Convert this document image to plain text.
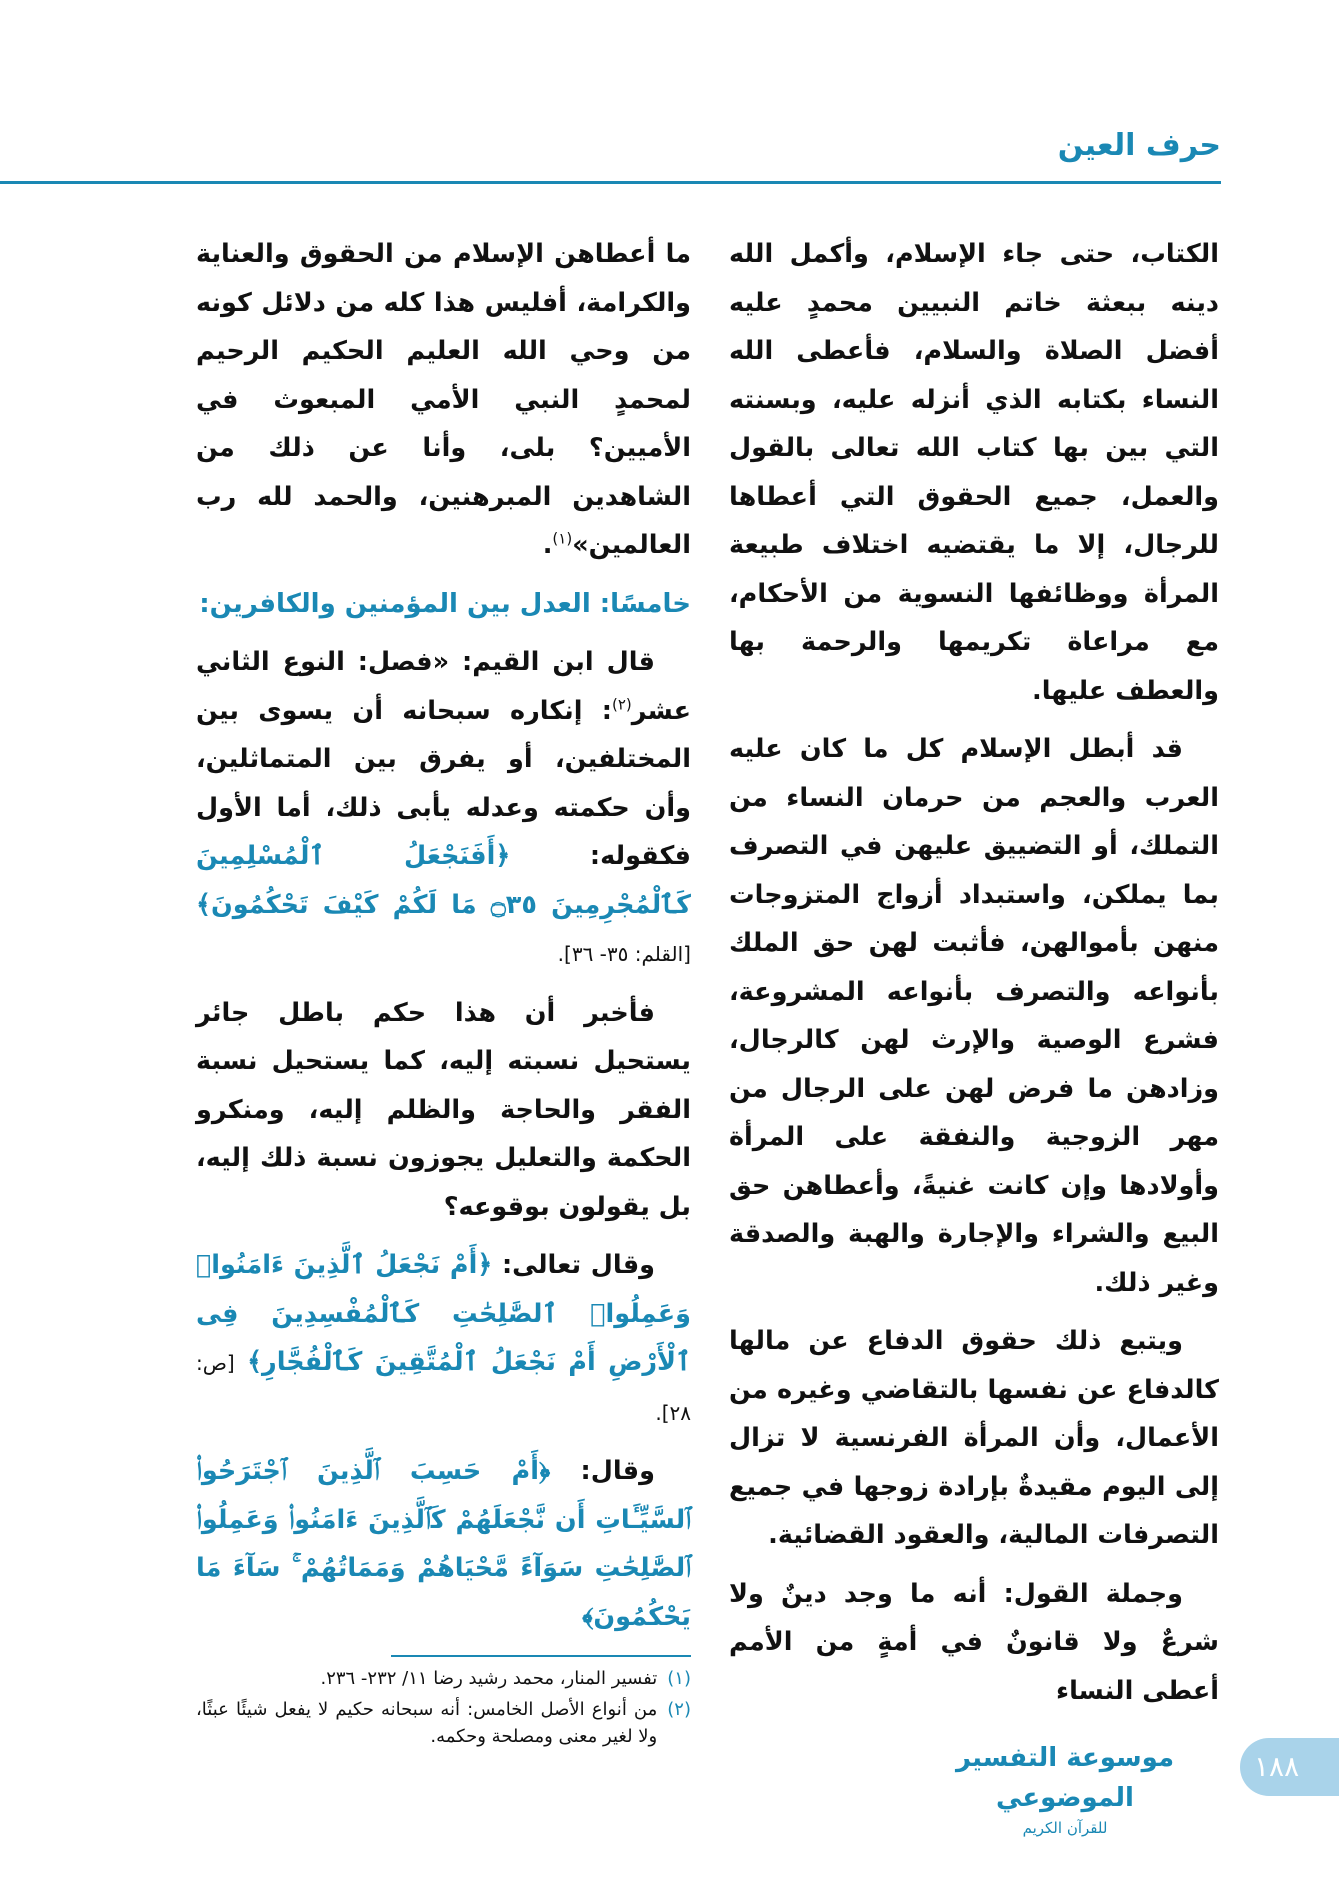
حرف العين

الكتاب، حتى جاء الإسلام، وأكمل الله دينه ببعثة خاتم النبيين محمدٍ عليه أفضل الصلاة والسلام، فأعطى الله النساء بكتابه الذي أنزله عليه، وبسنته التي بين بها كتاب الله تعالى بالقول والعمل، جميع الحقوق التي أعطاها للرجال، إلا ما يقتضيه اختلاف طبيعة المرأة ووظائفها النسوية من الأحكام، مع مراعاة تكريمها والرحمة بها والعطف عليها.

قد أبطل الإسلام كل ما كان عليه العرب والعجم من حرمان النساء من التملك، أو التضييق عليهن في التصرف بما يملكن، واستبداد أزواج المتزوجات منهن بأموالهن، فأثبت لهن حق الملك بأنواعه والتصرف بأنواعه المشروعة، فشرع الوصية والإرث لهن كالرجال، وزادهن ما فرض لهن على الرجال من مهر الزوجية والنفقة على المرأة وأولادها وإن كانت غنيةً، وأعطاهن حق البيع والشراء والإجارة والهبة والصدقة وغير ذلك.

ويتبع ذلك حقوق الدفاع عن مالها كالدفاع عن نفسها بالتقاضي وغيره من الأعمال، وأن المرأة الفرنسية لا تزال إلى اليوم مقيدةٌ بإرادة زوجها في جميع التصرفات المالية، والعقود القضائية.

وجملة القول: أنه ما وجد دينٌ ولا شرعٌ ولا قانونٌ في أمةٍ من الأمم أعطى النساء

ما أعطاهن الإسلام من الحقوق والعناية والكرامة، أفليس هذا كله من دلائل كونه من وحي الله العليم الحكيم الرحيم لمحمدٍ النبي الأمي المبعوث في الأميين؟ بلى، وأنا عن ذلك من الشاهدين المبرهنين، والحمد لله رب العالمين»$^{(١)}$.

خامسًا: العدل بين المؤمنين والكافرين:

قال ابن القيم: «فصل: النوع الثاني عشر$^{(٢)}$: إنكاره سبحانه أن يسوى بين المختلفين، أو يفرق بين المتماثلين، وأن حكمته وعدله يأبى ذلك، أما الأول فكقوله: ﴿أَفَنَجْعَلُ ٱلْمُسْلِمِينَ كَٱلْمُجْرِمِينَ ۝٣٥ مَا لَكُمْ كَيْفَ تَحْكُمُونَ﴾ [القلم: ٣٥- ٣٦].

فأخبر أن هذا حكم باطل جائر يستحيل نسبته إليه، كما يستحيل نسبة الفقر والحاجة والظلم إليه، ومنكرو الحكمة والتعليل يجوزون نسبة ذلك إليه، بل يقولون بوقوعه؟

وقال تعالى: ﴿أَمْ نَجْعَلُ ٱلَّذِينَ ءَامَنُوا۟ وَعَمِلُوا۟ ٱلصَّٰلِحَٰتِ كَٱلْمُفْسِدِينَ فِى ٱلْأَرْضِ أَمْ نَجْعَلُ ٱلْمُتَّقِينَ كَٱلْفُجَّارِ﴾ [ص: ٢٨].

وقال: ﴿أَمْ حَسِبَ ٱلَّذِينَ ٱجْتَرَحُوا۟ ٱلسَّيِّـَٔاتِ أَن نَّجْعَلَهُمْ كَٱلَّذِينَ ءَامَنُوا۟ وَعَمِلُوا۟ ٱلصَّٰلِحَٰتِ سَوَآءً مَّحْيَاهُمْ وَمَمَاتُهُمْ ۚ سَآءَ مَا يَحْكُمُونَ﴾

(١)
تفسير المنار، محمد رشيد رضا ١١/ ٢٣٢- ٢٣٦.
(٢)
من أنواع الأصل الخامس: أنه سبحانه حكيم لا يفعل شيئًا عبثًا، ولا لغير معنى ومصلحة وحكمه.
١٨٨
موسوعة التفسير الموضوعي
للقرآن الكريم
